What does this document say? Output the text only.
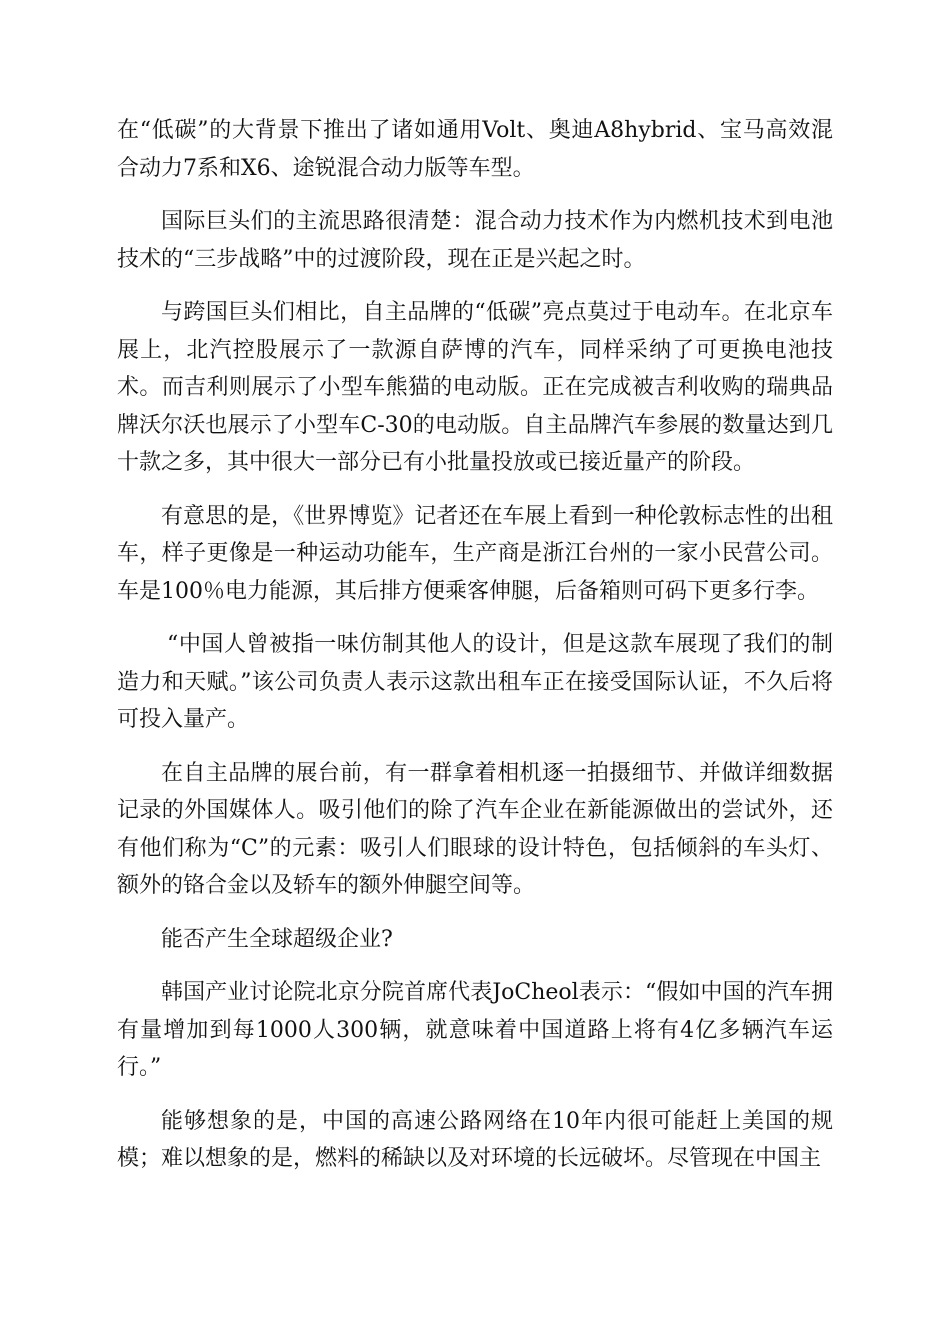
在“低碳”的大背景下推出了诸如通用Volt、奥迪A8hybrid、宝马高效混合动力7系和X6、途锐混合动力版等车型。

国际巨头们的主流思路很清楚：混合动力技术作为内燃机技术到电池技术的“三步战略”中的过渡阶段，现在正是兴起之时。

与跨国巨头们相比，自主品牌的“低碳”亮点莫过于电动车。在北京车展上，北汽控股展示了一款源自萨博的汽车，同样采纳了可更换电池技术。而吉利则展示了小型车熊猫的电动版。正在完成被吉利收购的瑞典品牌沃尔沃也展示了小型车C-30的电动版。自主品牌汽车参展的数量达到几十款之多，其中很大一部分已有小批量投放或已接近量产的阶段。

有意思的是，《世界博览》记者还在车展上看到一种伦敦标志性的出租车，样子更像是一种运动功能车，生产商是浙江台州的一家小民营公司。车是100％电力能源，其后排方便乘客伸腿，后备箱则可码下更多行李。

“中国人曾被指一味仿制其他人的设计，但是这款车展现了我们的制造力和天赋。”该公司负责人表示这款出租车正在接受国际认证，不久后将可投入量产。

在自主品牌的展台前，有一群拿着相机逐一拍摄细节、并做详细数据记录的外国媒体人。吸引他们的除了汽车企业在新能源做出的尝试外，还有他们称为“C”的元素：吸引人们眼球的设计特色，包括倾斜的车头灯、额外的铬合金以及轿车的额外伸腿空间等。

能否产生全球超级企业?

韩国产业讨论院北京分院首席代表JoCheol表示：“假如中国的汽车拥有量增加到每1000人300辆，就意味着中国道路上将有4亿多辆汽车运行。”

能够想象的是，中国的高速公路网络在10年内很可能赶上美国的规模；难以想象的是，燃料的稀缺以及对环境的长远破坏。尽管现在中国主
